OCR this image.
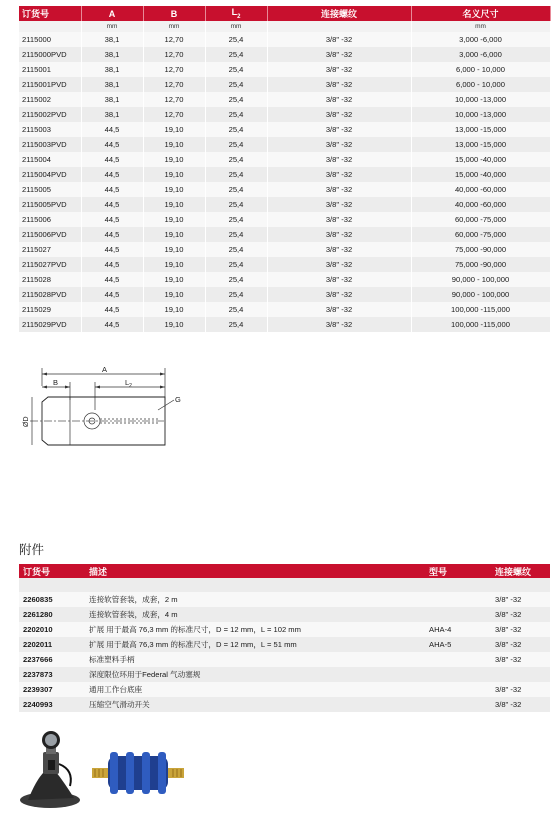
订货号	A	B	$L_2$	连接螺纹	名义尺寸
	mm	mm	mm		mm
2115000	38,1	12,70	25,4	3/8" -32	3,000 -6,000
2115000PVD	38,1	12,70	25,4	3/8" -32	3,000 -6,000
2115001	38,1	12,70	25,4	3/8" -32	6,000 - 10,000
2115001PVD	38,1	12,70	25,4	3/8" -32	6,000 - 10,000
2115002	38,1	12,70	25,4	3/8" -32	10,000 -13,000
2115002PVD	38,1	12,70	25,4	3/8" -32	10,000 -13,000
2115003	44,5	19,10	25,4	3/8" -32	13,000 -15,000
2115003PVD	44,5	19,10	25,4	3/8" -32	13,000 -15,000
2115004	44,5	19,10	25,4	3/8" -32	15,000 -40,000
2115004PVD	44,5	19,10	25,4	3/8" -32	15,000 -40,000
2115005	44,5	19,10	25,4	3/8" -32	40,000 -60,000
2115005PVD	44,5	19,10	25,4	3/8" -32	40,000 -60,000
2115006	44,5	19,10	25,4	3/8" -32	60,000 -75,000
2115006PVD	44,5	19,10	25,4	3/8" -32	60,000 -75,000
2115027	44,5	19,10	25,4	3/8" -32	75,000 -90,000
2115027PVD	44,5	19,10	25,4	3/8" -32	75,000 -90,000
2115028	44,5	19,10	25,4	3/8" -32	90,000 - 100,000
2115028PVD	44,5	19,10	25,4	3/8" -32	90,000 - 100,000
2115029	44,5	19,10	25,4	3/8" -32	100,000 -115,000
2115029PVD	44,5	19,10	25,4	3/8" -32	100,000 -115,000
A
B	$L_2$
G
ØD
附件
订货号	描述	型号	连接螺纹

2260835	连接软管套装，成套，2 m		3/8" -32
2261280	连接软管套装，成套，4 m		3/8" -32
2202010	扩展 用于最高 76,3 mm 的标准尺寸，D = 12 mm，L = 102 mm	AHA-4	3/8" -32
2202011	扩展 用于最高 76,3 mm 的标准尺寸，D = 12 mm，L = 51 mm	AHA-5	3/8" -32
2237666	标准塑料手柄		3/8" -32
2237873	深度限位环用于Federal 气动塞规		
2239307	通用工作台底座		3/8" -32
2240993	压缩空气滑动开关		3/8" -32
